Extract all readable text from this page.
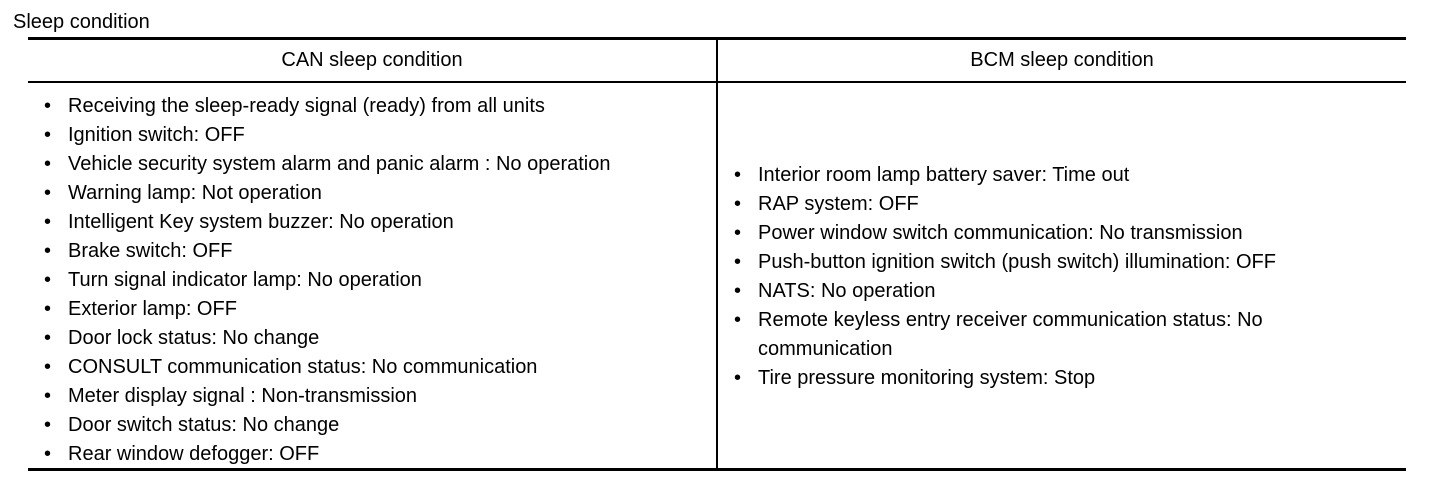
Sleep condition
CAN sleep condition	BCM sleep condition
• Receiving the sleep-ready signal (ready) from all units
• Ignition switch: OFF
• Vehicle security system alarm and panic alarm : No operation
• Warning lamp: Not operation
• Intelligent Key system buzzer: No operation
• Brake switch: OFF
• Turn signal indicator lamp: No operation
• Exterior lamp: OFF
• Door lock status: No change
• CONSULT communication status: No communication
• Meter display signal : Non-transmission
• Door switch status: No change
• Rear window defogger: OFF
• Interior room lamp battery saver: Time out
• RAP system: OFF
• Power window switch communication: No transmission
• Push-button ignition switch (push switch) illumination: OFF
• NATS: No operation
• Remote keyless entry receiver communication status: No communication
• Tire pressure monitoring system: Stop
